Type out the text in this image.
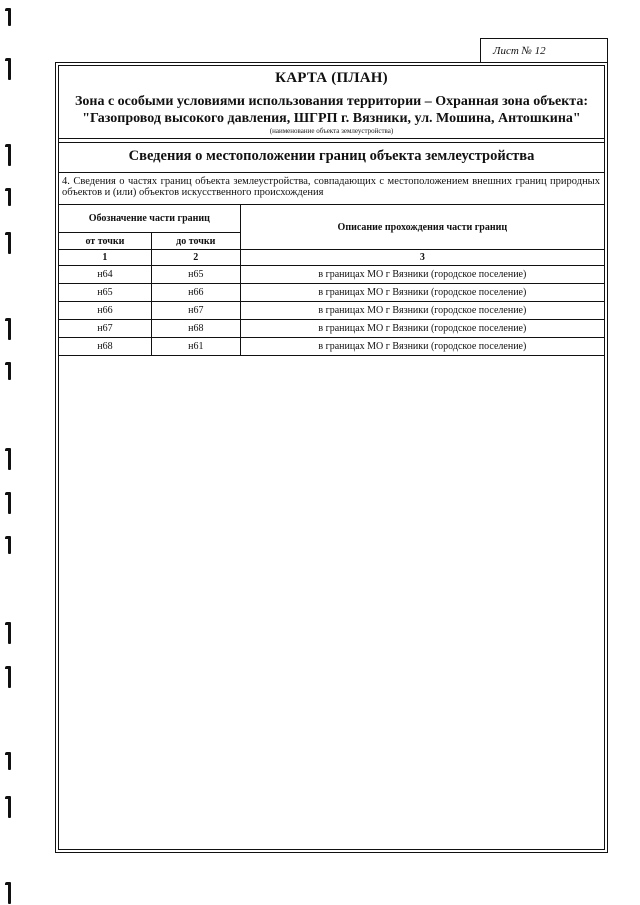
Лист № 12
КАРТА (ПЛАН)
Зона с особыми условиями использования территории – Охранная зона объекта:
"Газопровод высокого давления, ШГРП г. Вязники, ул. Мошина, Антошкина"
(наименование объекта землеустройства)
Сведения о местоположении границ объекта землеустройства
4. Сведения о частях границ объекта землеустройства, совпадающих с местоположением внешних границ природных объектов и (или) объектов искусственного происхождения
Обозначение части границ		Описание прохождения части границ
от точки	до точки	
1	2	3
н64	н65	в границах МО г Вязники (городское поселение)
н65	н66	в границах МО г Вязники (городское поселение)
н66	н67	в границах МО г Вязники (городское поселение)
н67	н68	в границах МО г Вязники (городское поселение)
н68	н61	в границах МО г Вязники (городское поселение)
